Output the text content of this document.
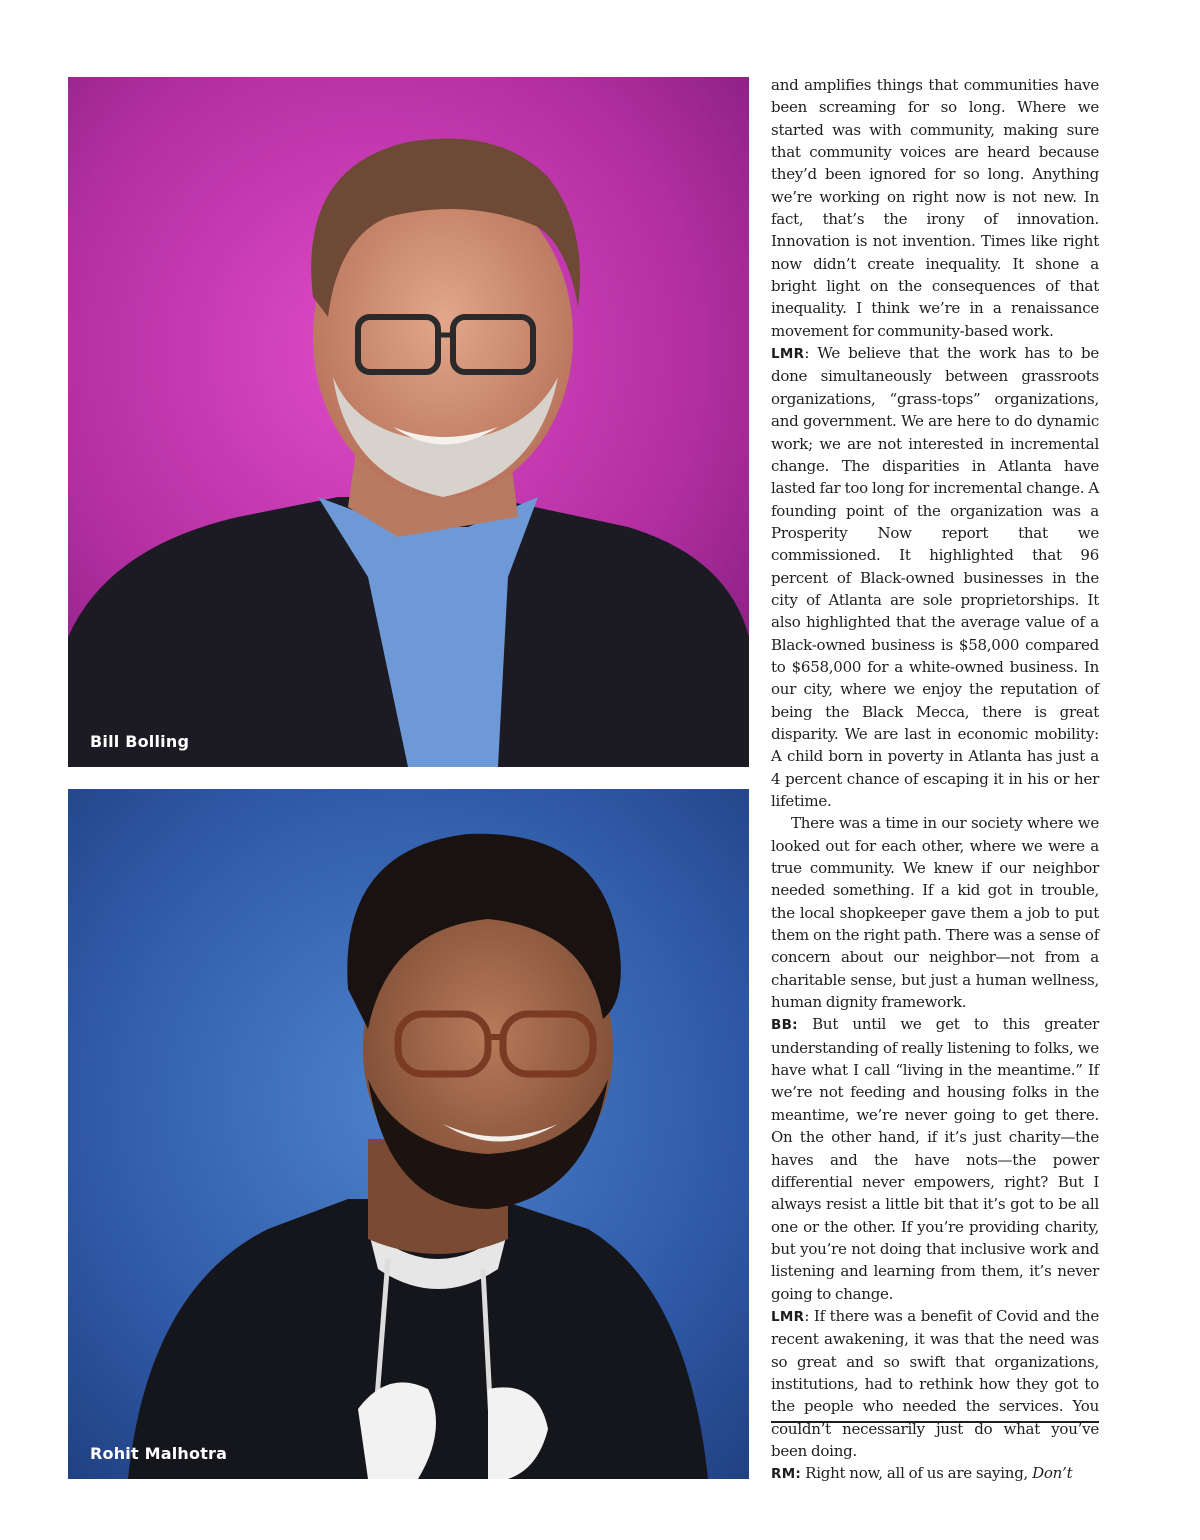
Bill Bolling
Rohit Malhotra

and amplifies things that communities have been screaming for so long. Where we started was with community, making sure that community voices are heard because they’d been ignored for so long. Anything we’re working on right now is not new. In fact, that’s the irony of innovation. Innovation is not invention. Times like right now didn’t create inequality. It shone a bright light on the consequences of that inequality. I think we’re in a renaissance movement for community-based work.

LMR: We believe that the work has to be done simultaneously between grassroots organizations, “grass-tops” organizations, and government. We are here to do dynamic work; we are not interested in incremental change. The disparities in Atlanta have lasted far too long for incremental change. A founding point of the organization was a Prosperity Now report that we commissioned. It highlighted that 96 percent of Black-owned businesses in the city of Atlanta are sole proprietorships. It also highlighted that the average value of a Black-owned business is $58,000 compared to $658,000 for a white-owned business. In our city, where we enjoy the reputation of being the Black Mecca, there is great disparity. We are last in economic mobility: A child born in poverty in Atlanta has just a 4 percent chance of escaping it in his or her lifetime.

There was a time in our society where we looked out for each other, where we were a true community. We knew if our neighbor needed something. If a kid got in trouble, the local shopkeeper gave them a job to put them on the right path. There was a sense of concern about our neighbor—not from a charitable sense, but just a human wellness, human dignity framework.

BB: But until we get to this greater understanding of really listening to folks, we have what I call “living in the meantime.” If we’re not feeding and housing folks in the meantime, we’re never going to get there. On the other hand, if it’s just charity—the haves and the have nots—the power differential never empowers, right? But I always resist a little bit that it’s got to be all one or the other. If you’re providing charity, but you’re not doing that inclusive work and listening and learning from them, it’s never going to change.

LMR: If there was a benefit of Covid and the recent awakening, it was that the need was so great and so swift that organizations, institutions, had to rethink how they got to the people who needed the services. You couldn’t necessarily just do what you’ve been doing.

RM: Right now, all of us are saying, Don’t
